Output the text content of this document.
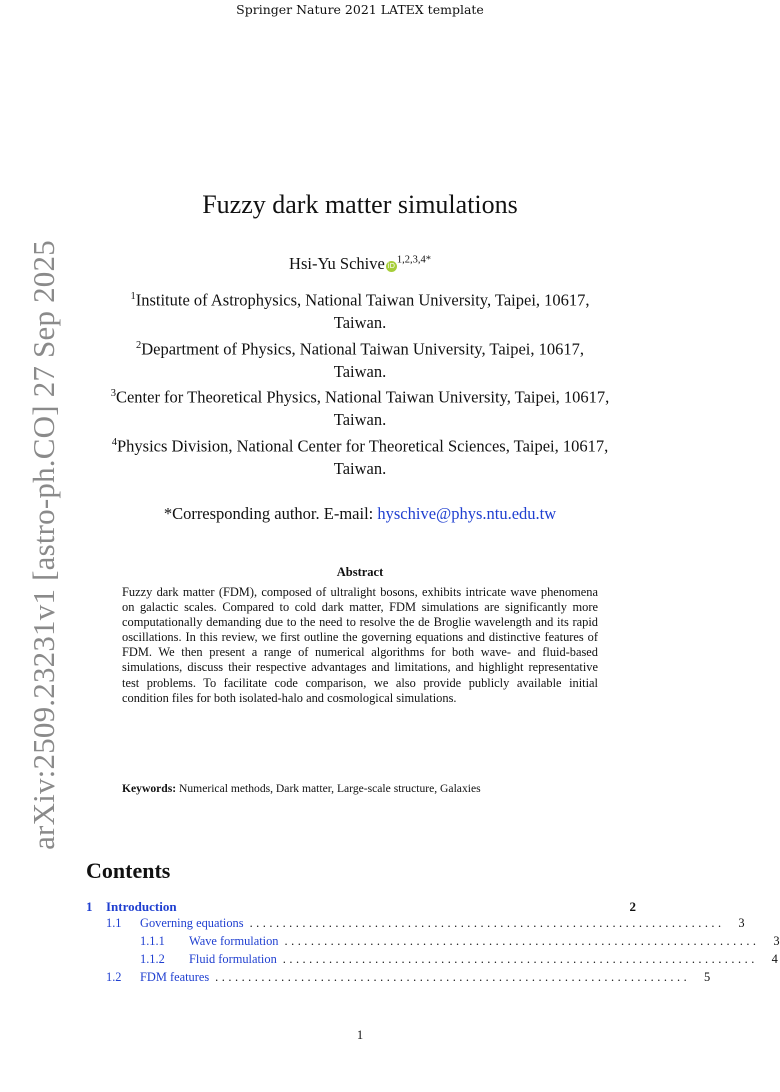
Springer Nature 2021 LATEX template
arXiv:2509.23231v1 [astro-ph.CO] 27 Sep 2025
Fuzzy dark matter simulations
Hsi-Yu Schive $iD^{1,2,3,4*}$
$^1$Institute of Astrophysics, National Taiwan University, Taipei, 10617, Taiwan.
$^2$Department of Physics, National Taiwan University, Taipei, 10617, Taiwan.
$^3$Center for Theoretical Physics, National Taiwan University, Taipei, 10617, Taiwan.
$^4$Physics Division, National Center for Theoretical Sciences, Taipei, 10617, Taiwan.
*Corresponding author. E-mail: hyschive@phys.ntu.edu.tw
Abstract
Fuzzy dark matter (FDM), composed of ultralight bosons, exhibits intricate wave phenomena on galactic scales. Compared to cold dark matter, FDM simulations are significantly more computationally demanding due to the need to resolve the de Broglie wavelength and its rapid oscillations. In this review, we first outline the governing equations and distinctive features of FDM. We then present a range of numerical algorithms for both wave- and fluid-based simulations, discuss their respective advantages and limitations, and highlight representative test problems. To facilitate code comparison, we also provide publicly available initial condition files for both isolated-halo and cosmological simulations.
Keywords: Numerical methods, Dark matter, Large-scale structure, Galaxies
Contents
1	Introduction	2
1.1	Governing equations ........................................................................	3
1.1.1	Wave formulation ........................................................................	3
1.1.2	Fluid formulation ........................................................................	4
1.2	FDM features ........................................................................	5
1
